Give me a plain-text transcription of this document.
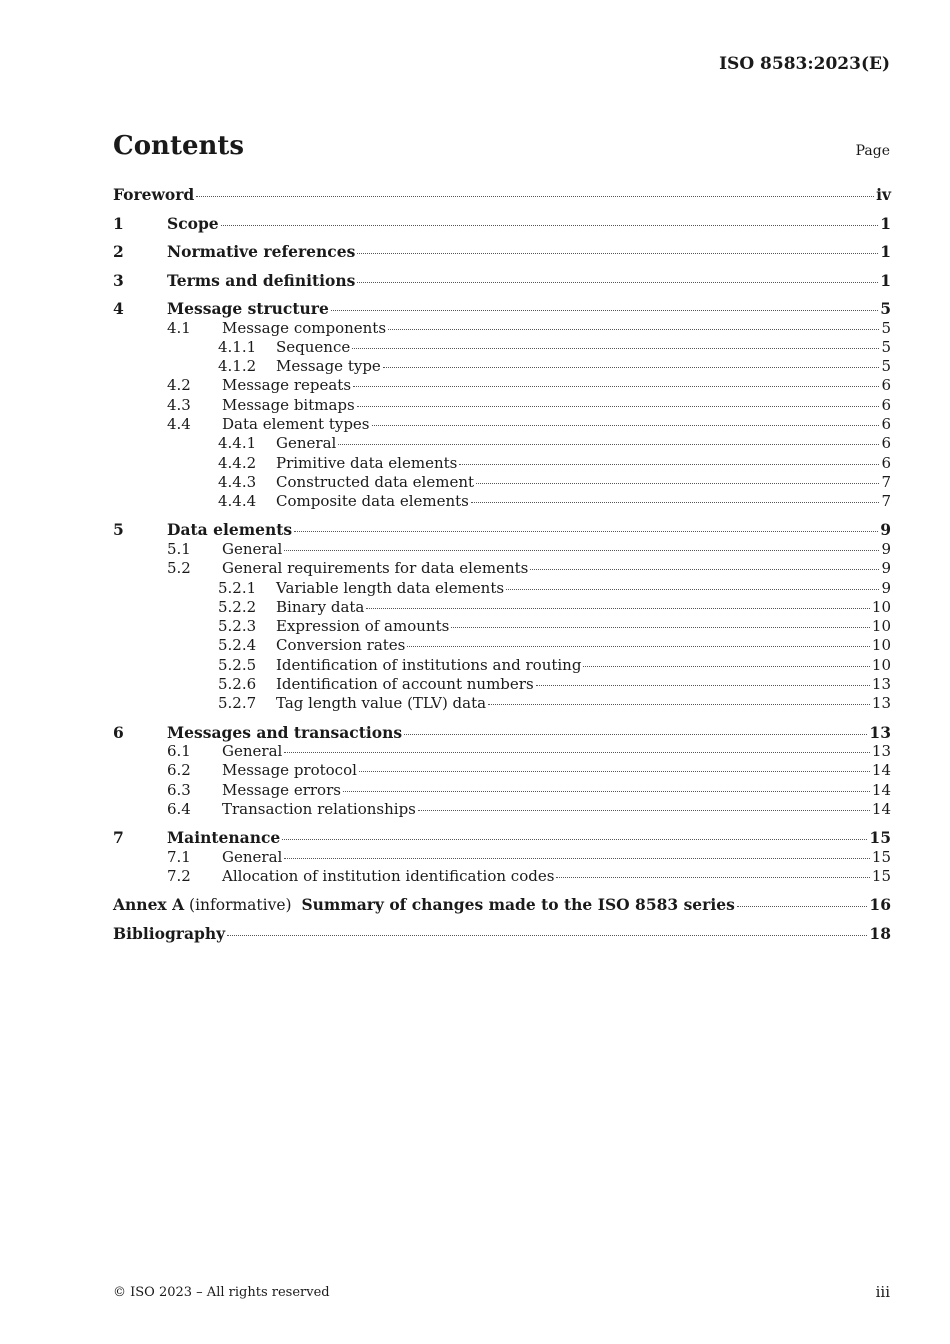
ISO 8583:2023(E)
Contents	Page
Foreword	iv
1	Scope	1
2	Normative references	1
3	Terms and definitions	1
4	Message structure	5
4.1	Message components	5
4.1.1	Sequence	5
4.1.2	Message type	5
4.2	Message repeats	6
4.3	Message bitmaps	6
4.4	Data element types	6
4.4.1	General	6
4.4.2	Primitive data elements	6
4.4.3	Constructed data element	7
4.4.4	Composite data elements	7
5	Data elements	9
5.1	General	9
5.2	General requirements for data elements	9
5.2.1	Variable length data elements	9
5.2.2	Binary data	10
5.2.3	Expression of amounts	10
5.2.4	Conversion rates	10
5.2.5	Identification of institutions and routing	10
5.2.6	Identification of account numbers	13
5.2.7	Tag length value (TLV) data	13
6	Messages and transactions	13
6.1	General	13
6.2	Message protocol	14
6.3	Message errors	14
6.4	Transaction relationships	14
7	Maintenance	15
7.1	General	15
7.2	Allocation of institution identification codes	15
Annex A (informative)  Summary of changes made to the ISO 8583 series	16
Bibliography	18
© ISO 2023 – All rights reserved	iii
